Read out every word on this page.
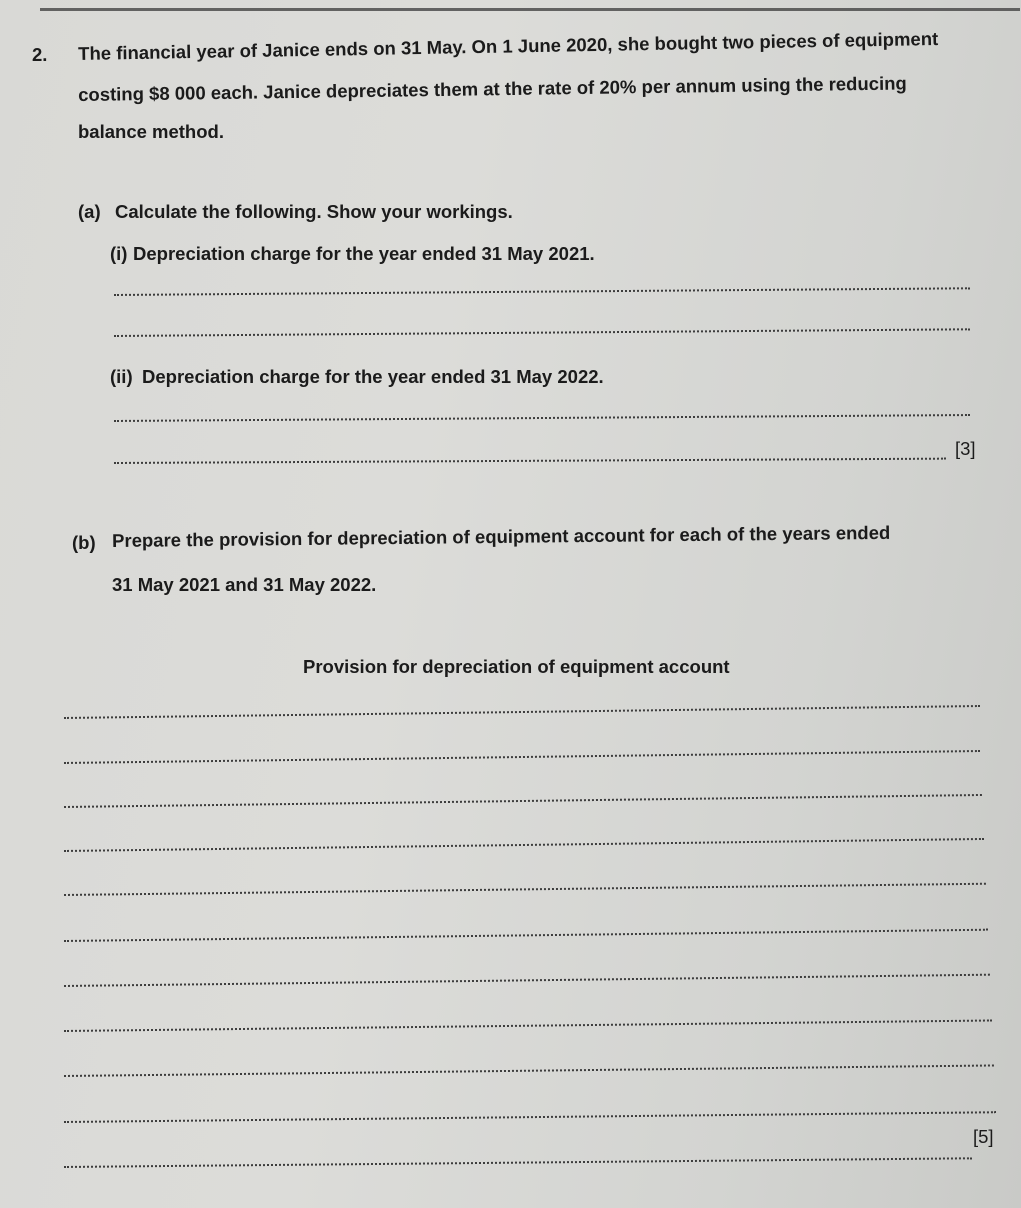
2. The financial year of Janice ends on 31 May. On 1 June 2020, she bought two pieces of equipment
costing $8 000 each. Janice depreciates them at the rate of 20% per annum using the reducing
balance method.
(a) Calculate the following. Show your workings.
(i) Depreciation charge for the year ended 31 May 2021.
(ii) Depreciation charge for the year ended 31 May 2022.
[3]
(b) Prepare the provision for depreciation of equipment account for each of the years ended
31 May 2021 and 31 May 2022.
Provision for depreciation of equipment account
[5]
